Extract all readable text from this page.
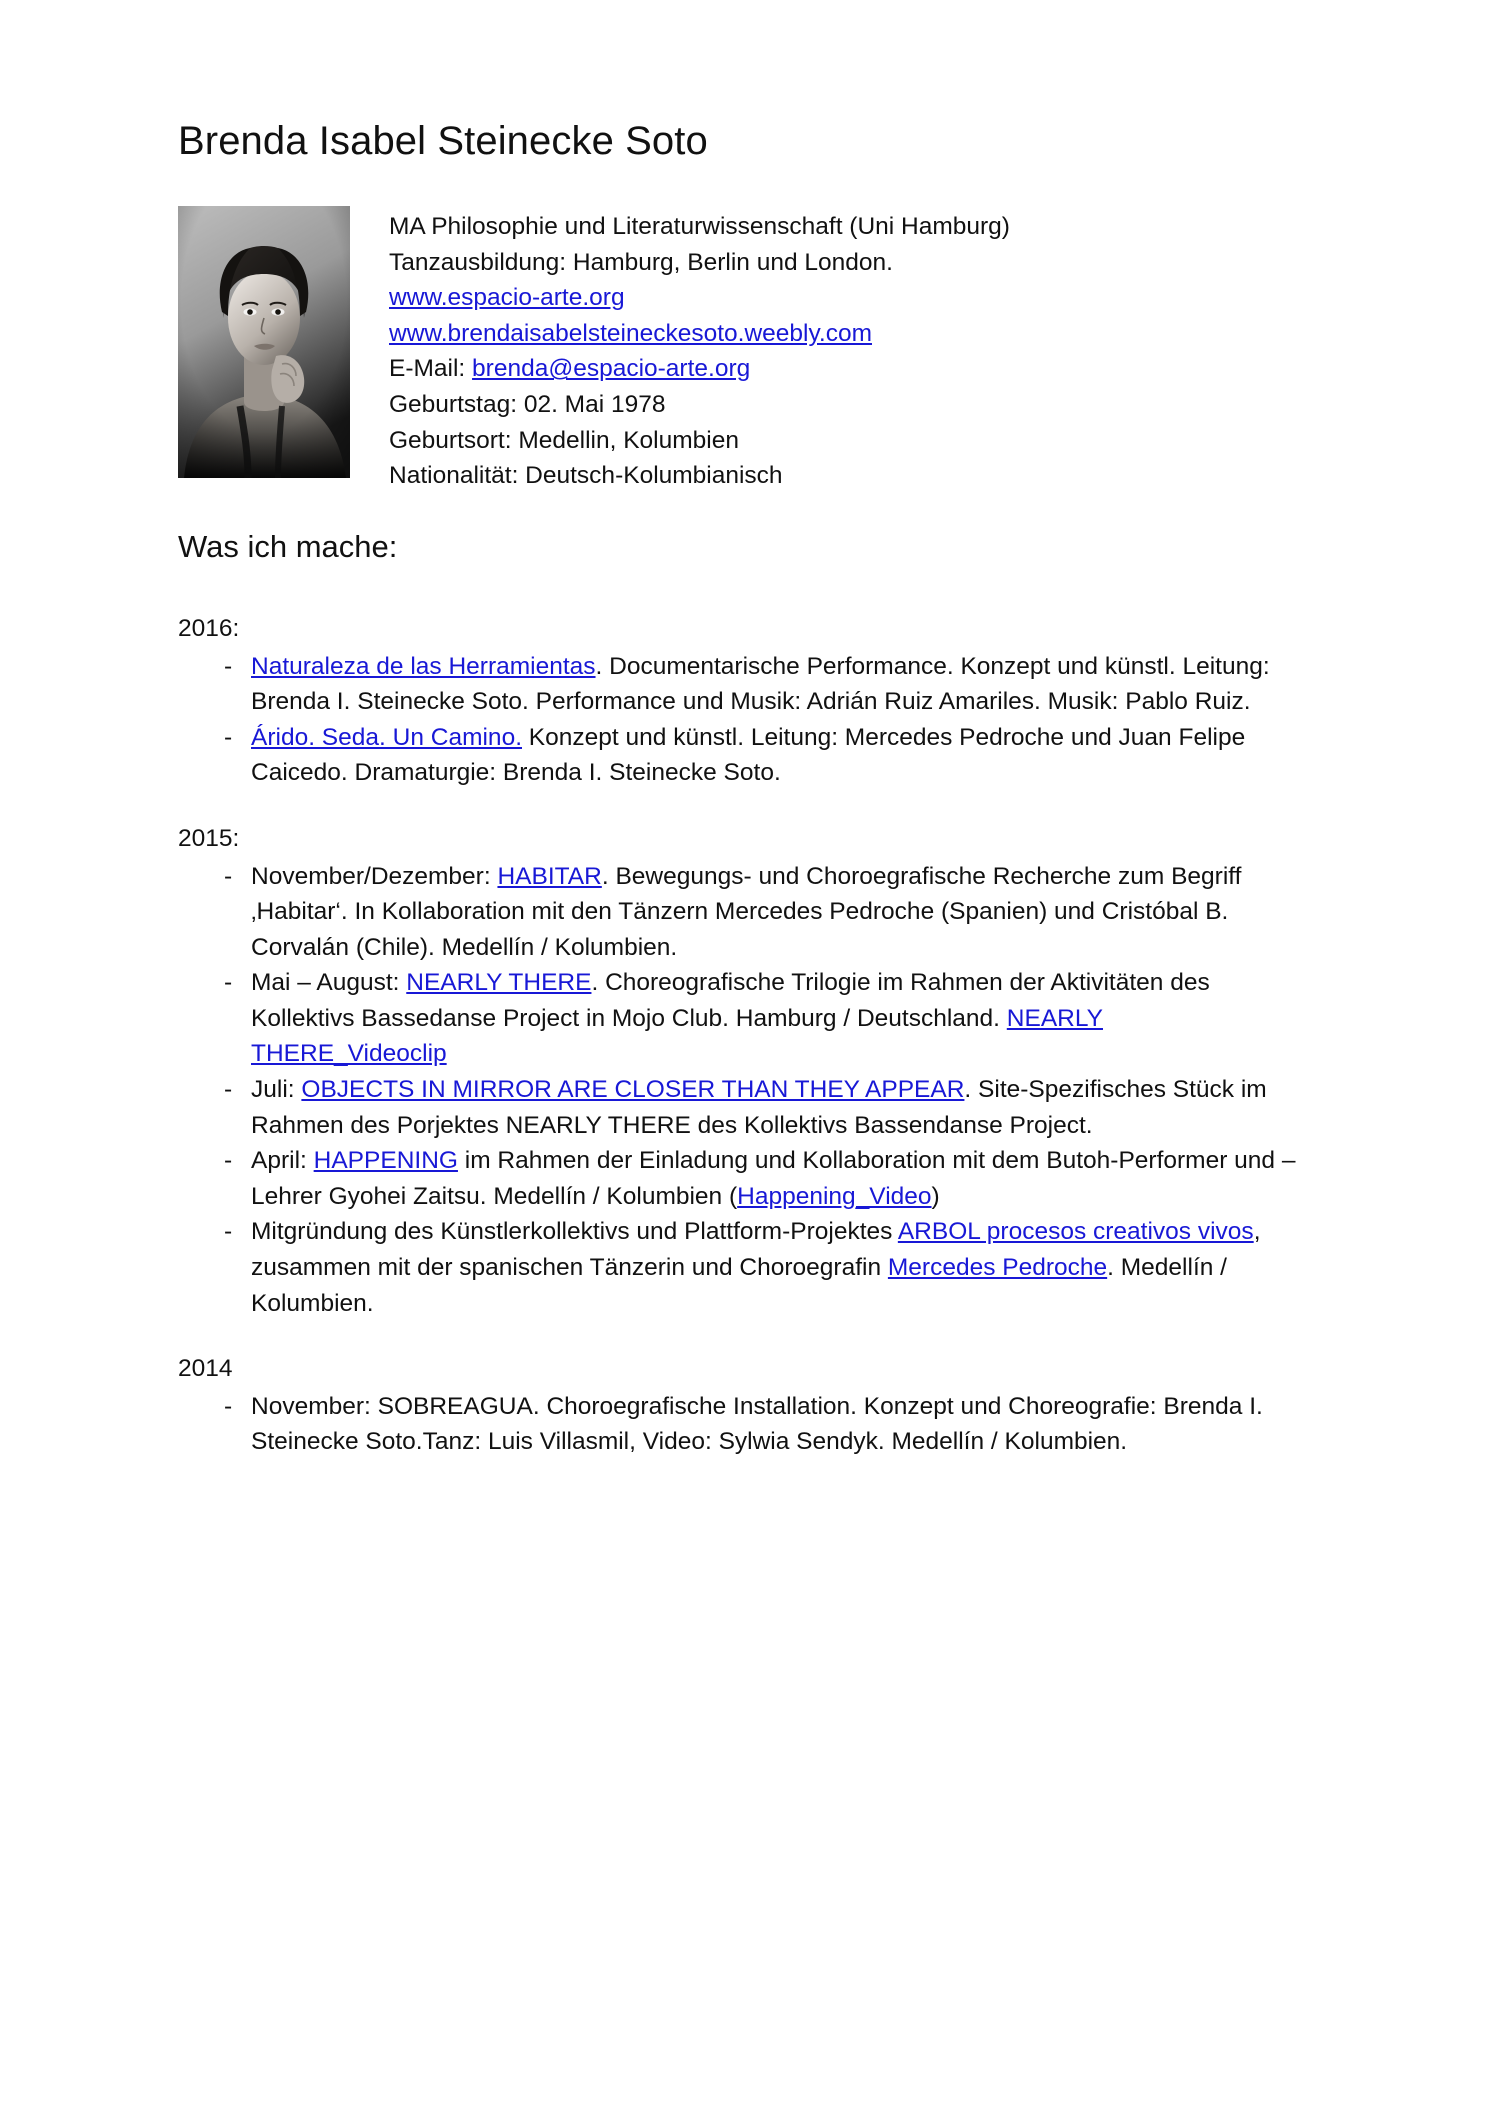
Brenda Isabel Steinecke Soto
MA Philosophie und Literaturwissenschaft (Uni Hamburg)
Tanzausbildung: Hamburg, Berlin und London.
www.espacio-arte.org
www.brendaisabelsteineckesoto.weebly.com
E-Mail: brenda@espacio-arte.org
Geburtstag: 02. Mai 1978
Geburtsort: Medellin, Kolumbien
Nationalität: Deutsch-Kolumbianisch
Was ich mache:
2016:
- Naturaleza de las Herramientas. Documentarische Performance. Konzept und künstl. Leitung: Brenda I. Steinecke Soto. Performance und Musik: Adrián Ruiz Amariles. Musik: Pablo Ruiz.
- Árido. Seda. Un Camino. Konzept und künstl. Leitung: Mercedes Pedroche und Juan Felipe Caicedo. Dramaturgie: Brenda I. Steinecke Soto.
2015:
- November/Dezember: HABITAR. Bewegungs- und Choroegrafische Recherche zum Begriff ‚Habitar‘. In Kollaboration mit den Tänzern Mercedes Pedroche (Spanien) und Cristóbal B. Corvalán (Chile). Medellín / Kolumbien.
- Mai – August: NEARLY THERE. Choreografische Trilogie im Rahmen der Aktivitäten des Kollektivs Bassedanse Project in Mojo Club. Hamburg / Deutschland. NEARLY THERE_Videoclip
- Juli: OBJECTS IN MIRROR ARE CLOSER THAN THEY APPEAR. Site-Spezifisches Stück im Rahmen des Porjektes NEARLY THERE des Kollektivs Bassendanse Project.
- April: HAPPENING im Rahmen der Einladung und Kollaboration mit dem Butoh-Performer und –Lehrer Gyohei Zaitsu. Medellín / Kolumbien (Happening_Video)
- Mitgründung des Künstlerkollektivs und Plattform-Projektes ARBOL procesos creativos vivos, zusammen mit der spanischen Tänzerin und Choroegrafin Mercedes Pedroche. Medellín / Kolumbien.
2014
- November: SOBREAGUA. Choroegrafische Installation. Konzept und Choreografie: Brenda I. Steinecke Soto.Tanz: Luis Villasmil, Video: Sylwia Sendyk. Medellín / Kolumbien.
